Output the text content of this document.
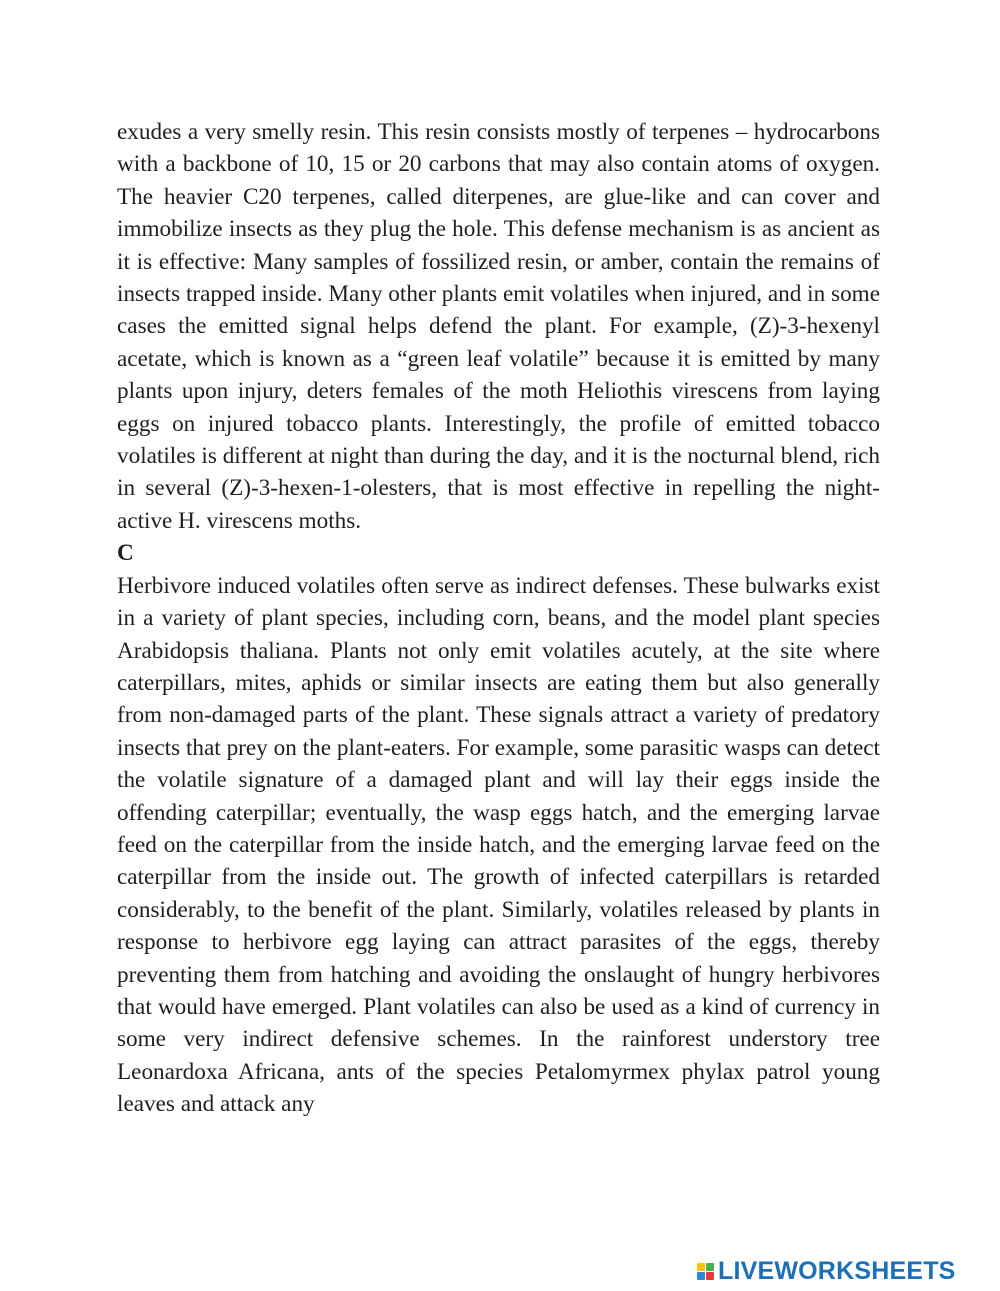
exudes a very smelly resin. This resin consists mostly of terpenes – hydrocarbons with a backbone of 10, 15 or 20 carbons that may also contain atoms of oxygen. The heavier C20 terpenes, called diterpenes, are glue-like and can cover and immobilize insects as they plug the hole. This defense mechanism is as ancient as it is effective: Many samples of fossilized resin, or amber, contain the remains of insects trapped inside. Many other plants emit volatiles when injured, and in some cases the emitted signal helps defend the plant. For example, (Z)-3-hexenyl acetate, which is known as a “green leaf volatile” because it is emitted by many plants upon injury, deters females of the moth Heliothis virescens from laying eggs on injured tobacco plants. Interestingly, the profile of emitted tobacco volatiles is different at night than during the day, and it is the nocturnal blend, rich in several (Z)-3-hexen-1-olesters, that is most effective in repelling the night-active H. virescens moths.

C

Herbivore induced volatiles often serve as indirect defenses. These bulwarks exist in a variety of plant species, including corn, beans, and the model plant species Arabidopsis thaliana. Plants not only emit volatiles acutely, at the site where caterpillars, mites, aphids or similar insects are eating them but also generally from non-damaged parts of the plant. These signals attract a variety of predatory insects that prey on the plant-eaters. For example, some parasitic wasps can detect the volatile signature of a damaged plant and will lay their eggs inside the offending caterpillar; eventually, the wasp eggs hatch, and the emerging larvae feed on the caterpillar from the inside hatch, and the emerging larvae feed on the caterpillar from the inside out. The growth of infected caterpillars is retarded considerably, to the benefit of the plant. Similarly, volatiles released by plants in response to herbivore egg laying can attract parasites of the eggs, thereby preventing them from hatching and avoiding the onslaught of hungry herbivores that would have emerged. Plant volatiles can also be used as a kind of currency in some very indirect defensive schemes. In the rainforest understory tree Leonardoxa Africana, ants of the species Petalomyrmex phylax patrol young leaves and attack any

LIVEWORKSHEETS
